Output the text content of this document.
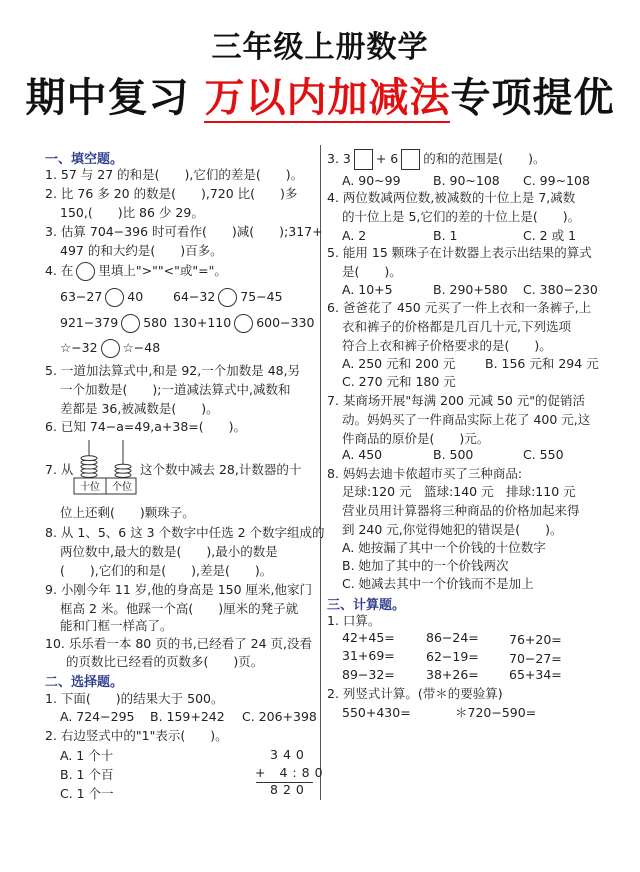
三年级上册数学
期中复习 万以内加减法专项提优
一、填空题。
1. 57 与 27 的和是(　　),它们的差是(　　)。
2. 比 76 多 20 的数是(　　),720 比(　　)多
150,(　　)比 86 少 29。
3. 估算 704−396 时可看作(　　)减(　　);317+
497 的和大约是(　　)百多。
4. 在 里填上">""<"或"="。
63−27 40 64−32 75−45
921−379 580 130+110 600−330
☆−32 ☆−48
5. 一道加法算式中,和是 92,一个加数是 48,另
一个加数是(　　);一道减法算式中,减数和
差都是 36,被减数是(　　)。
6. 已知 74−a=49,a+38=(　　)。
7. 从
十位 个位
这个数中减去 28,计数器的十
位上还剩(　　)颗珠子。
8. 从 1、5、6 这 3 个数字中任选 2 个数字组成的
两位数中,最大的数是(　　),最小的数是
(　　),它们的和是(　　),差是(　　)。
9. 小刚今年 11 岁,他的身高是 150 厘米,他家门
框高 2 米。他踩一个高(　　)厘米的凳子就
能和门框一样高了。
10. 乐乐看一本 80 页的书,已经看了 24 页,没看
的页数比已经看的页数多(　　)页。
二、选择题。
1. 下面(　　)的结果大于 500。
A. 724−295 B. 159+242 C. 206+398
2. 右边竖式中的"1"表示(　　)。
A. 1 个十
B. 1 个百
C. 1 个一
340
+ 4:80
820
3. 3 + 6 的和的范围是(　　)。
A. 90~99	B. 90~108 C. 99~108
4. 两位数减两位数,被减数的十位上是 7,减数
的十位上是 5,它们的差的十位上是(　　)。
A. 2	B. 1	C. 2 或 1
5. 能用 15 颗珠子在计数器上表示出结果的算式
是(　　)。
A. 10+5	B. 290+580 C. 380−230
6. 爸爸花了 450 元买了一件上衣和一条裤子,上
衣和裤子的价格都是几百几十元,下列选项
符合上衣和裤子价格要求的是(　　)。
A. 250 元和 200 元 B. 156 元和 294 元
C. 270 元和 180 元
7. 某商场开展"每满 200 元减 50 元"的促销活
动。妈妈买了一件商品实际上花了 400 元,这
件商品的原价是(　　)元。
A. 450	B. 500	C. 550
8. 妈妈去迪卡侬超市买了三种商品:
足球:120 元　篮球:140 元　排球:110 元
营业员用计算器将三种商品的价格加起来得
到 240 元,你觉得她犯的错误是(　　)。
A. 她按漏了其中一个价钱的十位数字
B. 她加了其中的一个价钱两次
C. 她减去其中一个价钱而不是加上
三、计算题。
1. 口算。
42+45= 86−24= 76+20=
31+69= 62−19= 70−27=
89−32= 38+26= 65+34=
2. 列竖式计算。(带＊的要验算)
550+430=	＊720−590=
